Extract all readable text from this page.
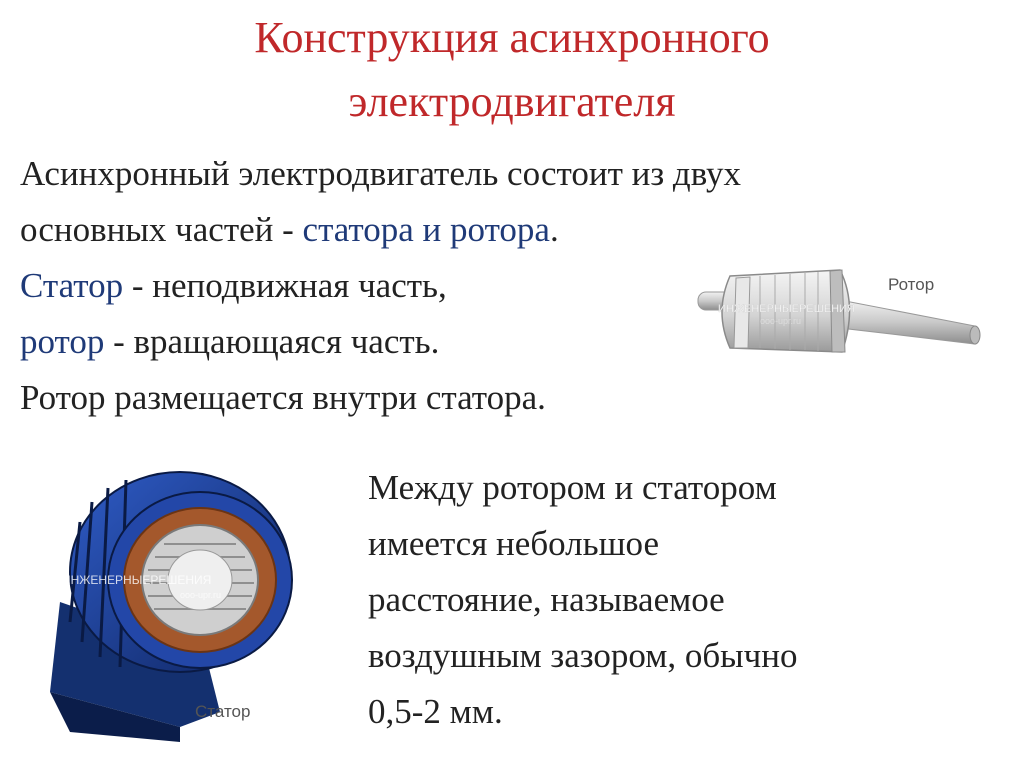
Конструкция асинхронного
электродвигателя
Асинхронный электродвигатель состоит из двух
основных частей - статора и ротора.
Статор - неподвижная часть,
ротор - вращающаяся часть.
Ротор размещается внутри статора.
ИНЖЕНЕРНЫЕРЕШЕНИЯ
ooo-upr.ru
Ротор
ИНЖЕНЕРНЫЕРЕШЕНИЯ
ooo-upr.ru
Статор
Между ротором и статором
имеется небольшое
расстояние, называемое
воздушным зазором, обычно
0,5-2 мм.
